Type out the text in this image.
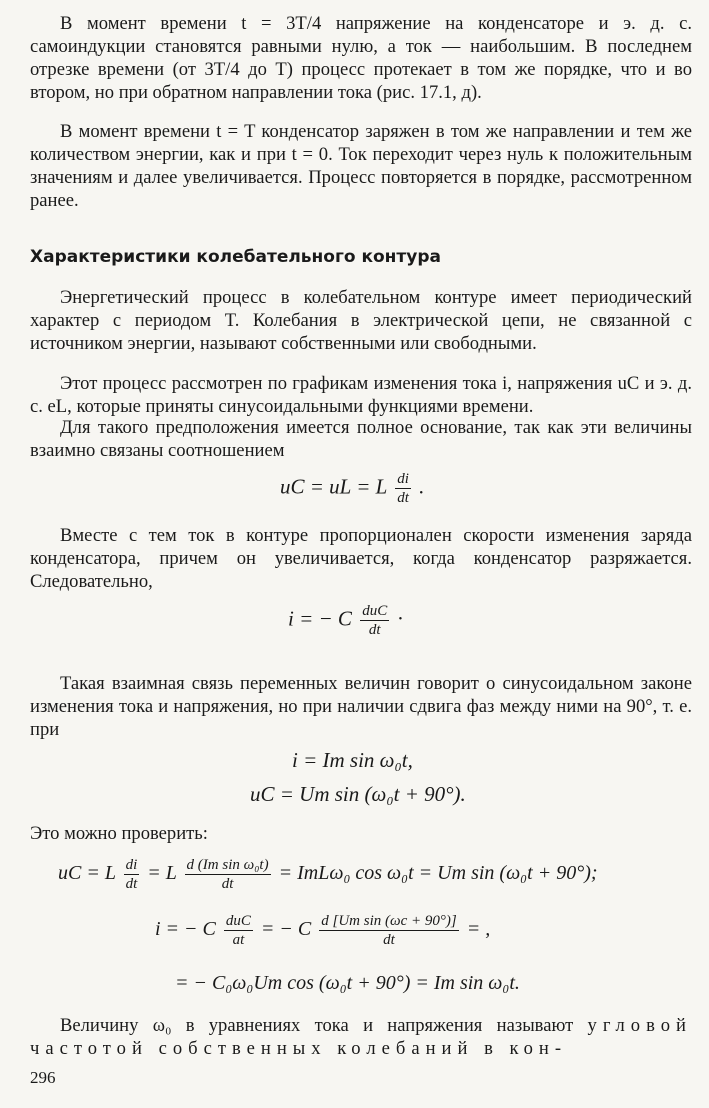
В момент времени t = 3T/4 напряжение на конденсаторе и э. д. с. самоиндукции становятся равными нулю, а ток — наибольшим. В последнем отрезке времени (от 3T/4 до T) процесс протекает в том же порядке, что и во втором, но при обратном направлении тока (рис. 17.1, д).

В момент времени t = T конденсатор заряжен в том же направлении и тем же количеством энергии, как и при t = 0. Ток переходит через нуль к положительным значениям и далее увеличивается. Процесс повторяется в порядке, рассмотренном ранее.

Характеристики колебательного контура

Энергетический процесс в колебательном контуре имеет периодический характер с периодом T. Колебания в электрической цепи, не связанной с источником энергии, называют собственными или свободными.

Этот процесс рассмотрен по графикам изменения тока i, напряжения uC и э. д. с. eL, которые приняты синусоидальными функциями времени.

Для такого предположения имеется полное основание, так как эти величины взаимно связаны соотношением

uC = uL = L $\frac{di}{dt}$ .

Вместе с тем ток в контуре пропорционален скорости изменения заряда конденсатора, причем он увеличивается, когда конденсатор разряжается. Следовательно,

i = − C $\frac{\text{duC}}{dt}$ ·

Такая взаимная связь переменных величин говорит о синусоидальном законе изменения тока и напряжения, но при наличии сдвига фаз между ними на 90°, т. е. при

i = Im sin ω₀t,
uC = Um sin (ω₀t + 90°).

Это можно проверить:

uC = L $\frac{di}{dt} = L \frac{\text{d (Im sin ω₀t)}}{dt} = ImL\omega_0$ cos ω₀t = Um sin (ω₀t + 90°);
i = − C $\frac{\text{duC}}{at}$ = − C $\frac{\text{d [Um sin (ωc + 90°)]}}{dt}$ = ,
= − C₀ω₀Um cos (ω₀t + 90°) = Im sin ω₀t.

Величину ω₀ в уравнениях тока и напряжения называют угловой частотой собственных колебаний в кон-

296
